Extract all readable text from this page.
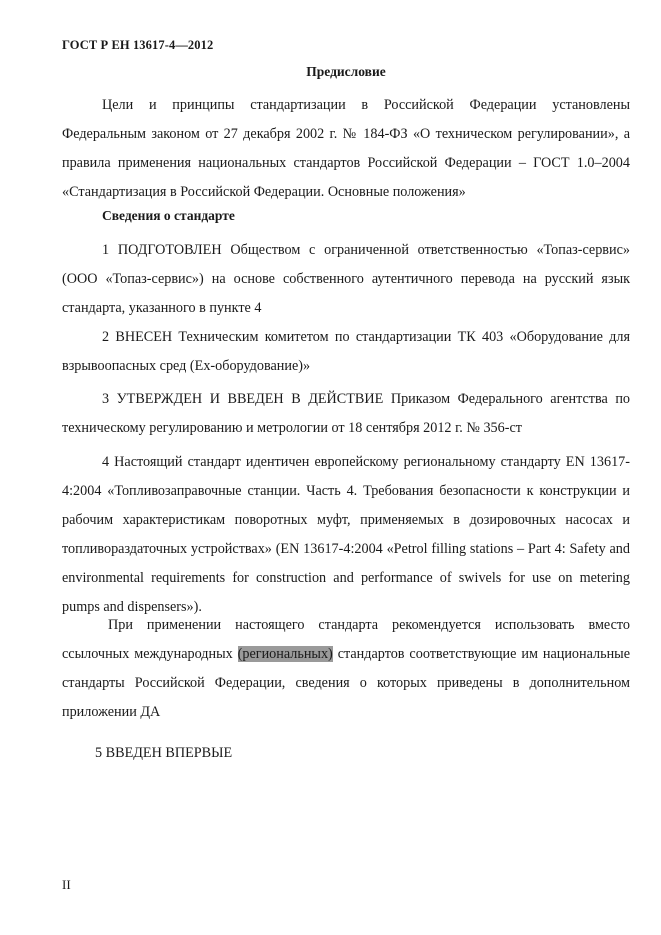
ГОСТ Р ЕН 13617-4—2012
Предисловие
Цели и принципы стандартизации в Российской Федерации установлены Федеральным законом от 27 декабря 2002 г. № 184-ФЗ «О техническом регулировании», а правила применения национальных стандартов Российской Федерации – ГОСТ 1.0–2004 «Стандартизация в Российской Федерации. Основные положения»
Сведения о стандарте
1 ПОДГОТОВЛЕН Обществом с ограниченной ответственностью «Топаз-сервис» (ООО «Топаз-сервис») на основе собственного аутентичного перевода на русский язык стандарта, указанного в пункте 4
2 ВНЕСЕН Техническим комитетом по стандартизации ТК 403 «Оборудование для взрывоопасных сред (Ex-оборудование)»
3 УТВЕРЖДЕН И ВВЕДЕН В ДЕЙСТВИЕ Приказом Федерального агентства по техническому регулированию и метрологии от 18 сентября 2012 г. № 356-ст
4 Настоящий стандарт идентичен европейскому региональному стандарту EN 13617-4:2004 «Топливозаправочные станции. Часть 4. Требования безопасности к конструкции и рабочим характеристикам поворотных муфт, применяемых в дозировочных насосах и топливораздаточных устройствах» (EN 13617-4:2004 «Petrol filling stations – Part 4: Safety and environmental requirements for construction and performance of swivels for use on metering pumps and dispensers»).
При применении настоящего стандарта рекомендуется использовать вместо ссылочных международных (региональных) стандартов соответствующие им национальные стандарты Российской Федерации, сведения о которых приведены в дополнительном приложении ДА
5 ВВЕДЕН ВПЕРВЫЕ
II
